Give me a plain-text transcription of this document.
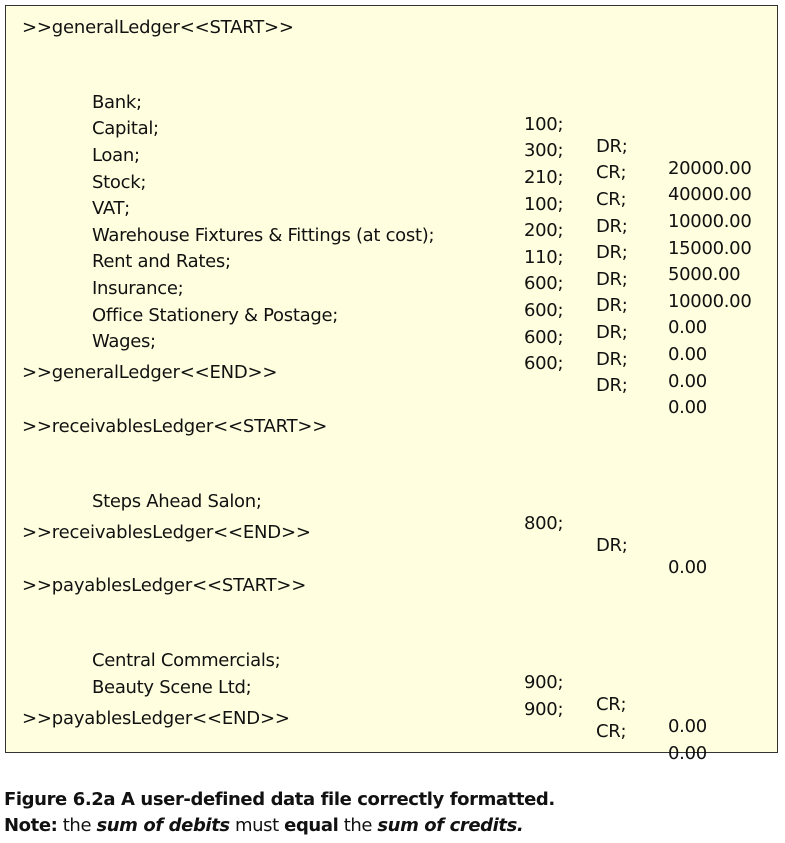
>>generalLedger<<START>>

Bank;

100;

DR;

20000.00

Capital;

300;

CR;

40000.00

Loan;

210;

CR;

10000.00

Stock;

100;

DR;

15000.00

VAT;

200;

DR;

5000.00

Warehouse Fixtures & Fittings (at cost);

110;

DR;

10000.00

Rent and Rates;

600;

DR;

0.00

Insurance;

600;

DR;

0.00

Office Stationery & Postage;

600;

DR;

0.00

Wages;

600;

DR;

0.00

>>generalLedger<<END>>
>>receivablesLedger<<START>>

Steps Ahead Salon;

800;

DR;

0.00

>>receivablesLedger<<END>>
>>payablesLedger<<START>>

Central Commercials;

900;

CR;

0.00

Beauty Scene Ltd;

900;

CR;

0.00

>>payablesLedger<<END>>
Figure 6.2a A user-defined data file correctly formatted.
Note: the sum of debits must equal the sum of credits.
